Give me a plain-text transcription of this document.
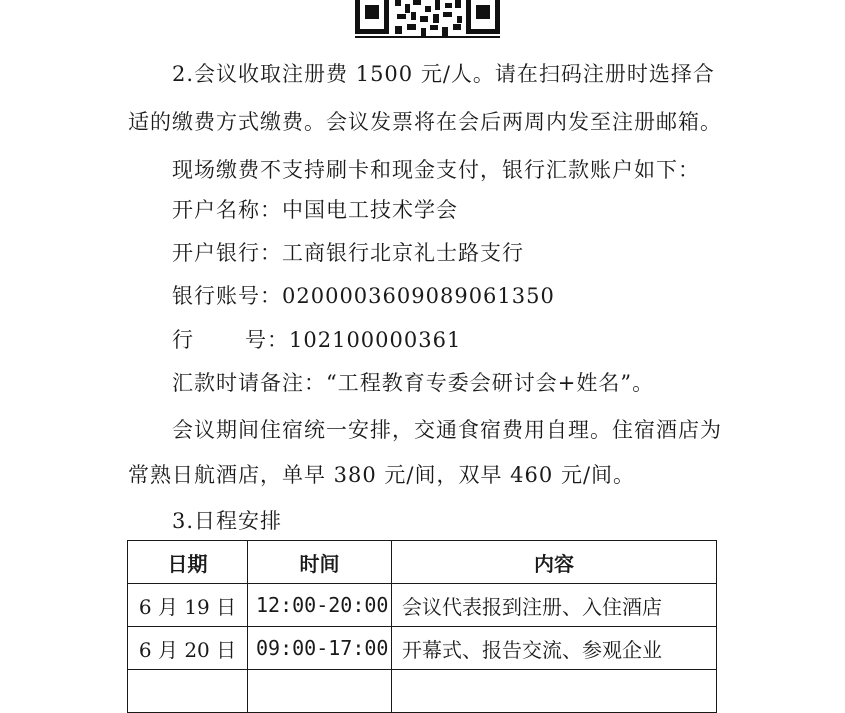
2.会议收取注册费 1500 元/人。请在扫码注册时选择合
适的缴费方式缴费。会议发票将在会后两周内发至注册邮箱。
现场缴费不支持刷卡和现金支付，银行汇款账户如下：
开户名称：中国电工技术学会
开户银行：工商银行北京礼士路支行
银行账号：0200003609089061350
行 号：102100000361
汇款时请备注：“工程教育专委会研讨会+姓名”。
会议期间住宿统一安排，交通食宿费用自理。住宿酒店为
常熟日航酒店，单早 380 元/间，双早 460 元/间。
3.日程安排
日期	时间	内容
6 月 19 日	12:00-20:00	会议代表报到注册、入住酒店
6 月 20 日	09:00-17:00	开幕式、报告交流、参观企业
